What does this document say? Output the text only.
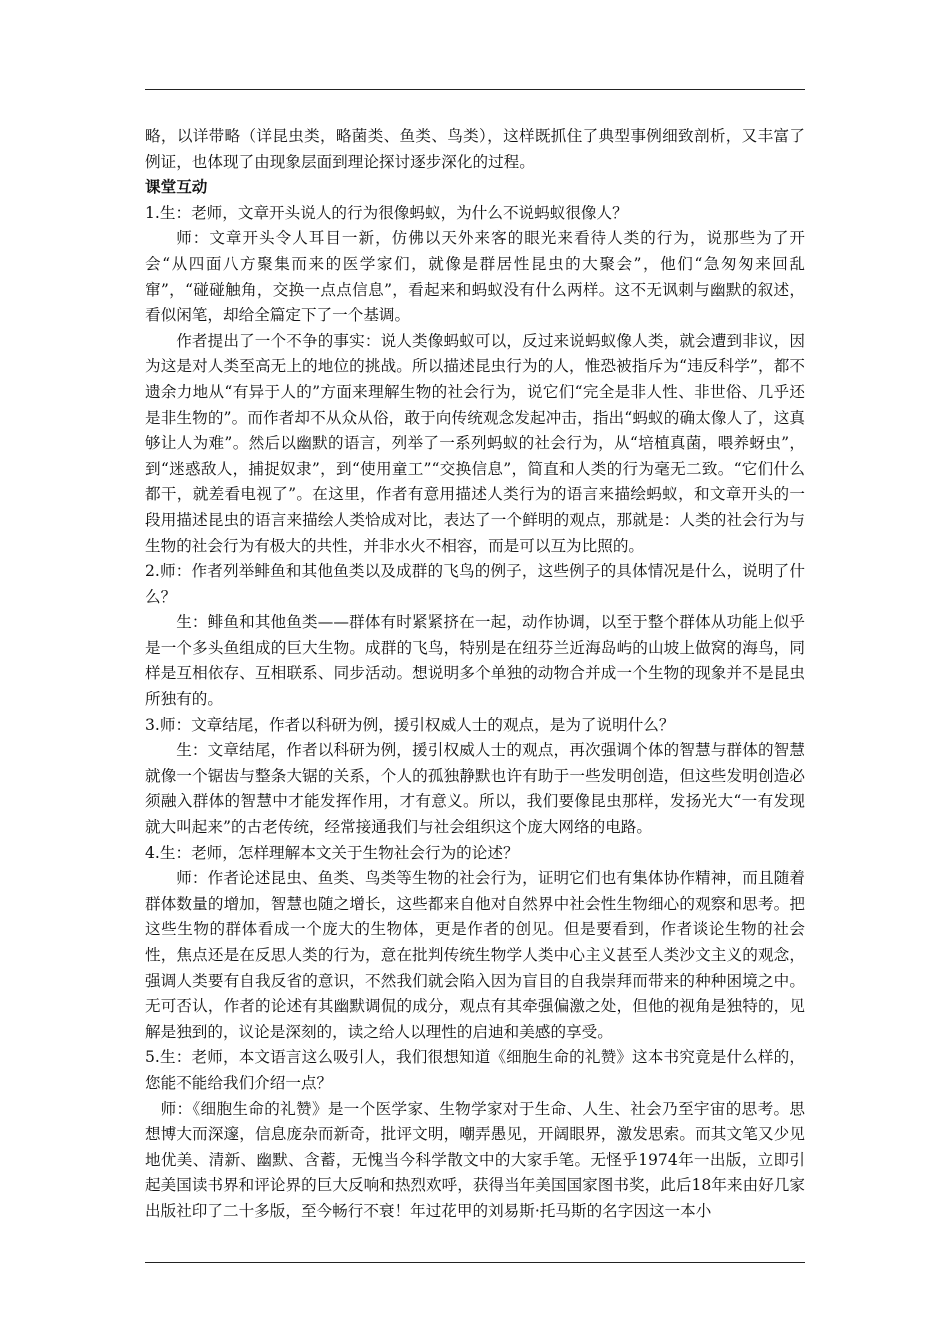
略，以详带略（详昆虫类，略菌类、鱼类、鸟类），这样既抓住了典型事例细致剖析，又丰富了例证，也体现了由现象层面到理论探讨逐步深化的过程。

课堂互动

1.生：老师，文章开头说人的行为很像蚂蚁，为什么不说蚂蚁很像人？

师：文章开头令人耳目一新，仿佛以天外来客的眼光来看待人类的行为，说那些为了开会“从四面八方聚集而来的医学家们，就像是群居性昆虫的大聚会”，他们“急匆匆来回乱窜”，“碰碰触角，交换一点点信息”，看起来和蚂蚁没有什么两样。这不无讽刺与幽默的叙述，看似闲笔，却给全篇定下了一个基调。

作者提出了一个不争的事实：说人类像蚂蚁可以，反过来说蚂蚁像人类，就会遭到非议，因为这是对人类至高无上的地位的挑战。所以描述昆虫行为的人，惟恐被指斥为“违反科学”，都不遗余力地从“有异于人的”方面来理解生物的社会行为，说它们“完全是非人性、非世俗、几乎还是非生物的”。而作者却不从众从俗，敢于向传统观念发起冲击，指出“蚂蚁的确太像人了，这真够让人为难”。然后以幽默的语言，列举了一系列蚂蚁的社会行为，从“培植真菌，喂养蚜虫”，到“迷惑敌人，捕捉奴隶”，到“使用童工”“交换信息”，简直和人类的行为毫无二致。“它们什么都干，就差看电视了”。在这里，作者有意用描述人类行为的语言来描绘蚂蚁，和文章开头的一段用描述昆虫的语言来描绘人类恰成对比，表达了一个鲜明的观点，那就是：人类的社会行为与生物的社会行为有极大的共性，并非水火不相容，而是可以互为比照的。

2.师：作者列举鲱鱼和其他鱼类以及成群的飞鸟的例子，这些例子的具体情况是什么，说明了什么？

生：鲱鱼和其他鱼类——群体有时紧紧挤在一起，动作协调，以至于整个群体从功能上似乎是一个多头鱼组成的巨大生物。成群的飞鸟，特别是在纽芬兰近海岛屿的山坡上做窝的海鸟，同样是互相依存、互相联系、同步活动。想说明多个单独的动物合并成一个生物的现象并不是昆虫所独有的。

3.师：文章结尾，作者以科研为例，援引权威人士的观点，是为了说明什么？

生：文章结尾，作者以科研为例，援引权威人士的观点，再次强调个体的智慧与群体的智慧就像一个锯齿与整条大锯的关系，个人的孤独静默也许有助于一些发明创造，但这些发明创造必须融入群体的智慧中才能发挥作用，才有意义。所以，我们要像昆虫那样，发扬光大“一有发现就大叫起来”的古老传统，经常接通我们与社会组织这个庞大网络的电路。

4.生：老师，怎样理解本文关于生物社会行为的论述？

师：作者论述昆虫、鱼类、鸟类等生物的社会行为，证明它们也有集体协作精神，而且随着群体数量的增加，智慧也随之增长，这些都来自他对自然界中社会性生物细心的观察和思考。把这些生物的群体看成一个庞大的生物体，更是作者的创见。但是要看到，作者谈论生物的社会性，焦点还是在反思人类的行为，意在批判传统生物学人类中心主义甚至人类沙文主义的观念，强调人类要有自我反省的意识，不然我们就会陷入因为盲目的自我崇拜而带来的种种困境之中。无可否认，作者的论述有其幽默调侃的成分，观点有其牵强偏激之处，但他的视角是独特的，见解是独到的，议论是深刻的，读之给人以理性的启迪和美感的享受。

5.生：老师，本文语言这么吸引人，我们很想知道《细胞生命的礼赞》这本书究竟是什么样的，您能不能给我们介绍一点？

师：《细胞生命的礼赞》是一个医学家、生物学家对于生命、人生、社会乃至宇宙的思考。思想博大而深邃，信息庞杂而新奇，批评文明，嘲弄愚见，开阔眼界，激发思索。而其文笔又少见地优美、清新、幽默、含蓄，无愧当今科学散文中的大家手笔。无怪乎1974年一出版，立即引起美国读书界和评论界的巨大反响和热烈欢呼，获得当年美国国家图书奖，此后18年来由好几家出版社印了二十多版，至今畅行不衰！年过花甲的刘易斯·托马斯的名字因这一本小
